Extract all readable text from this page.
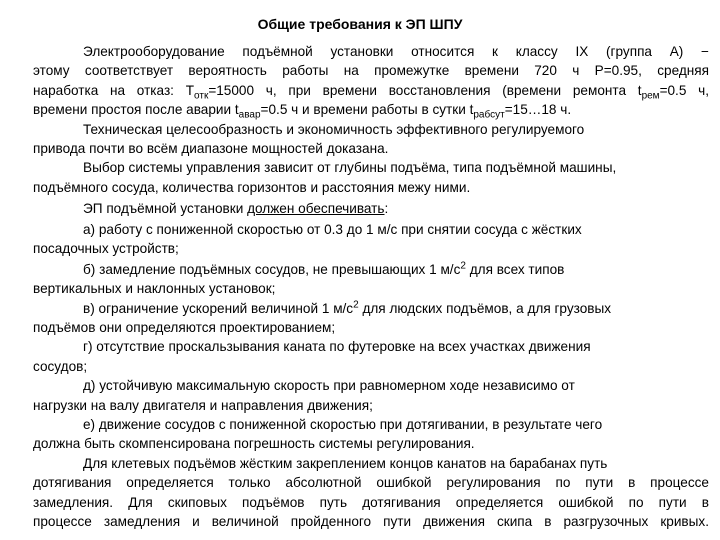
Общие требования к ЭП ШПУ
Электрооборудование подъёмной установки относится к классу IX (группа А) −
этому соответствует вероятность работы на промежутке времени 720 ч Р=0.95, средняя
наработка на отказ: $Т_{отк}=15000$ ч, при времени восстановления (времени ремонта $t_{рем}=0.5$ ч,
времени простоя после аварии $t_{авар}=0.5$ ч и времени работы в сутки $t_{рабсут}=15\dots 18$ ч.
Техническая целесообразность и экономичность эффективного регулируемого
привода почти во всём диапазоне мощностей доказана.
Выбор системы управления зависит от глубины подъёма, типа подъёмной машины,
подъёмного сосуда, количества горизонтов и расстояния межу ними.
ЭП подъёмной установки должен обеспечивать:
а) работу с пониженной скоростью от 0.3 до 1 м/с при снятии сосуда с жёстких
посадочных устройств;
б) замедление подъёмных сосудов, не превышающих 1 $м/с^2$ для всех типов
вертикальных и наклонных установок;
в) ограничение ускорений величиной 1 $м/с^2$ для людских подъёмов, а для грузовых
подъёмов они определяются проектированием;
г) отсутствие проскальзывания каната по футеровке на всех участках движения
сосудов;
д) устойчивую максимальную скорость при равномерном ходе независимо от
нагрузки на валу двигателя и направления движения;
е) движение сосудов с пониженной скоростью при дотягивании, в результате чего
должна быть скомпенсирована погрешность системы регулирования.
Для клетевых подъёмов жёстким закреплением концов канатов на барабанах путь
дотягивания определяется только абсолютной ошибкой регулирования по пути в процессе
замедления. Для скиповых подъёмов путь дотягивания определяется ошибкой по пути в
процессе замедления и величиной пройденного пути движения скипа в разгрузочных кривых.
